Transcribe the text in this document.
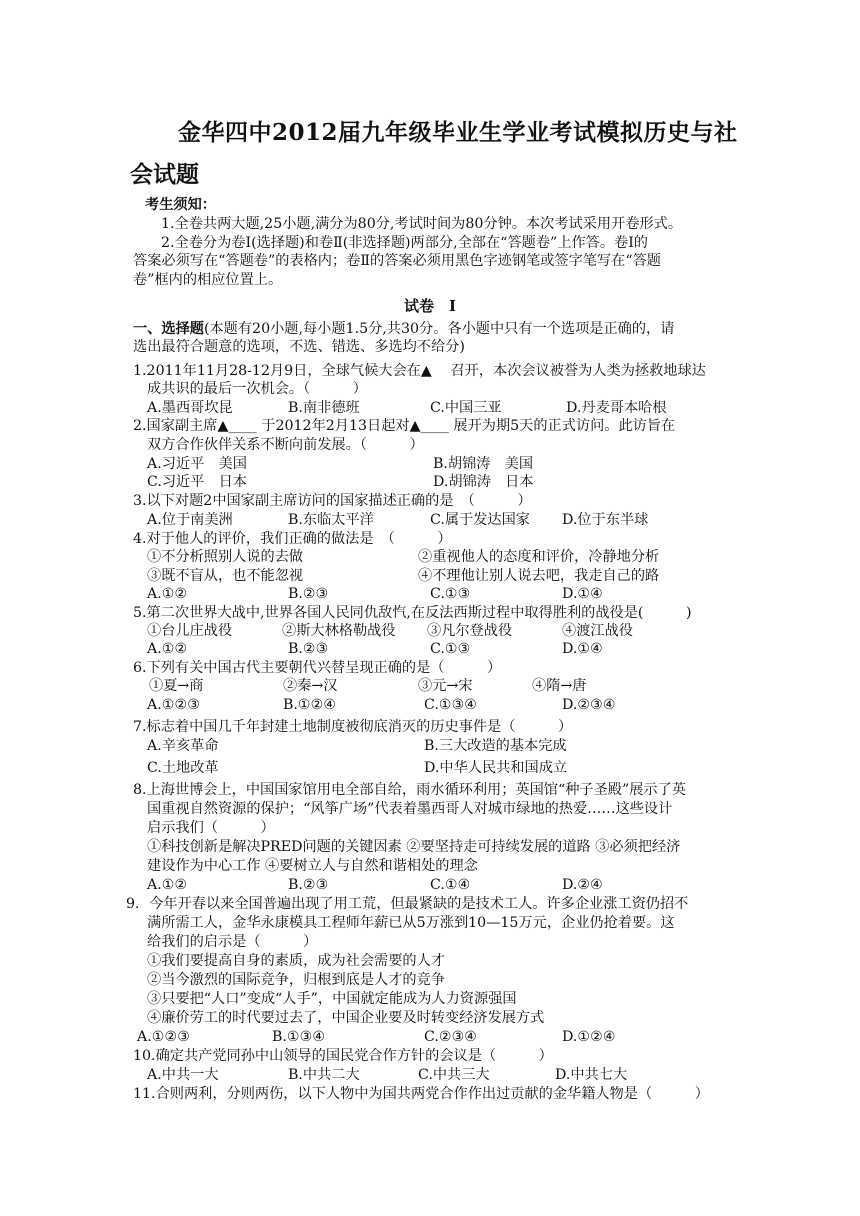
金华四中2012届九年级毕业生学业考试模拟历史与社
会试题
考生须知：
1.全卷共两大题,25小题,满分为80分,考试时间为80分钟。本次考试采用开卷形式。
2.全卷分为卷Ⅰ(选择题)和卷Ⅱ(非选择题)两部分,全部在“答题卷”上作答。卷Ⅰ的
答案必须写在“答题卷”的表格内；卷Ⅱ的答案必须用黑色字迹钢笔或签字笔写在“答题
卷”框内的相应位置上。
试卷　Ⅰ
一、选择题(本题有20小题,每小题1.5分,共30分。各小题中只有一个选项是正确的，请
选出最符合题意的选项，不选、错选、多选均不给分)
1.2011年11月28-12月9日，全球气候大会在▲　 召开，本次会议被誉为人类为拯救地球达
成共识的最后一次机会。（　　　）
A.墨西哥坎昆	B.南非德班	C.中国三亚	D.丹麦哥本哈根
2.国家副主席▲____ 于2012年2月13日起对▲____ 展开为期5天的正式访问。此访旨在
双方合作伙伴关系不断向前发展。（　　　）
A.习近平　美国	B.胡锦涛　美国
C.习近平　日本	D.胡锦涛　日本
3.以下对题2中国家副主席访问的国家描述正确的是　（　　　）
A.位于南美洲	B.东临太平洋	C.属于发达国家 D.位于东半球
4.对于他人的评价，我们正确的做法是　（　　　）
①不分析照别人说的去做	②重视他人的态度和评价，冷静地分析
③既不盲从，也不能忽视	④不理他让别人说去吧，我走自己的路
A.①②	B.②③	C.①③	D.①④
5.第二次世界大战中,世界各国人民同仇敌忾,在反法西斯过程中取得胜利的战役是(　　　)
①台儿庄战役	②斯大林格勒战役 ③凡尔登战役	④渡江战役
A.①②	B.②③	C.①③	D.①④
6.下列有关中国古代主要朝代兴替呈现正确的是（　　　）
①夏→商	②秦→汉	③元→宋	④隋→唐
A.①②③	B.①②④	C.①③④	D.②③④
7.标志着中国几千年封建土地制度被彻底消灭的历史事件是（　　　）
A.辛亥革命	B.三大改造的基本完成
C.土地改革	D.中华人民共和国成立
8.上海世博会上，中国国家馆用电全部自给，雨水循环利用；英国馆“种子圣殿”展示了英
国重视自然资源的保护；“风筝广场”代表着墨西哥人对城市绿地的热爱……这些设计
启示我们（　　　）
①科技创新是解决PRED问题的关键因素 ②要坚持走可持续发展的道路 ③必须把经济
建设作为中心工作 ④要树立人与自然和谐相处的理念
A.①②	B.②③	C.①④	D.②④
9．今年开春以来全国普遍出现了用工荒，但最紧缺的是技术工人。许多企业涨工资仍招不
满所需工人，金华永康模具工程师年薪已从5万涨到10—15万元，企业仍抢着要。这
给我们的启示是（　　　）
①我们要提高自身的素质，成为社会需要的人才
②当今激烈的国际竞争，归根到底是人才的竞争
③只要把“人口”变成“人手”，中国就定能成为人力资源强国
④廉价劳工的时代要过去了，中国企业要及时转变经济发展方式
A.①②③	B.①③④	C.②③④	D.①②④
10.确定共产党同孙中山领导的国民党合作方针的会议是（　　　）
A.中共一大	B.中共二大	C.中共三大	D.中共七大
11.合则两利，分则两伤，以下人物中为国共两党合作作出过贡献的金华籍人物是（　　　）
